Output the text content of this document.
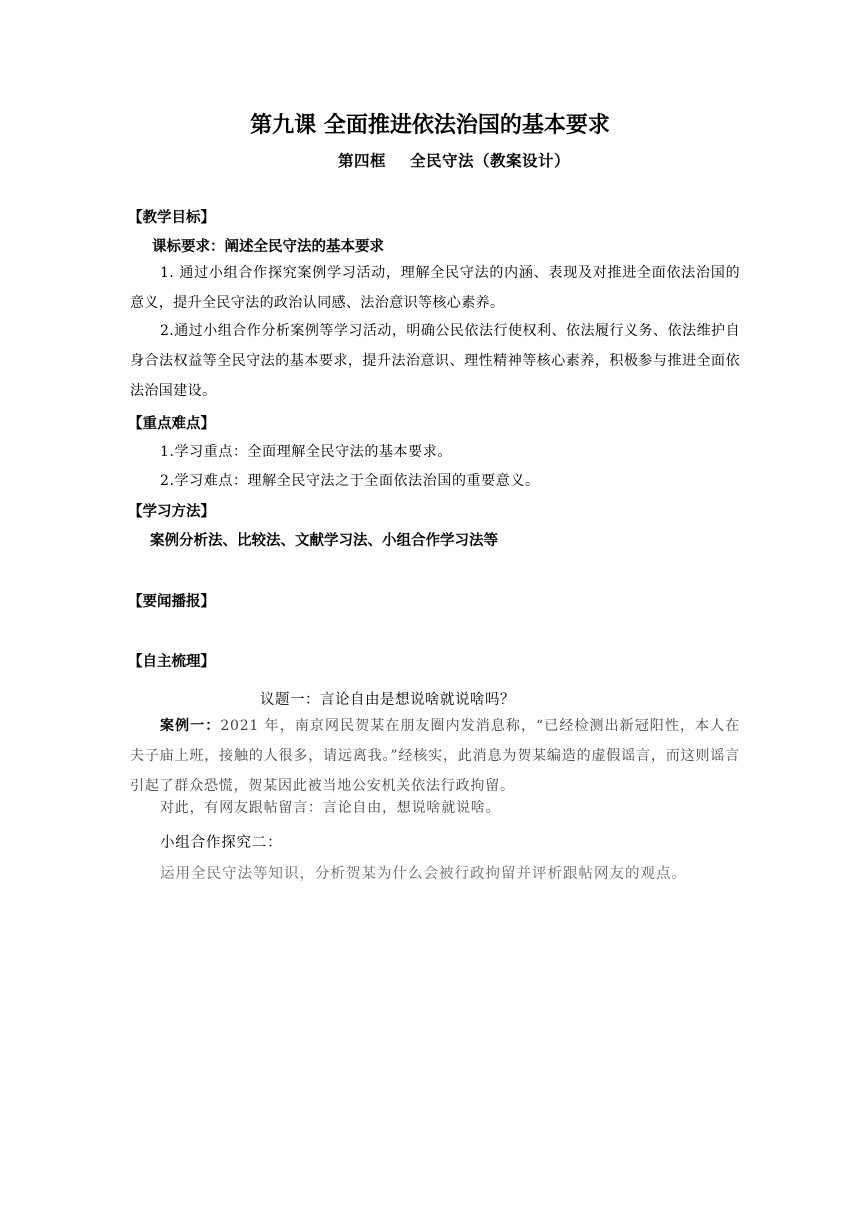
第九课 全面推进依法治国的基本要求
第四框 全民守法（教案设计）
【教学目标】
课标要求：阐述全民守法的基本要求
1. 通过小组合作探究案例学习活动，理解全民守法的内涵、表现及对推进全面依法治国的意义，提升全民守法的政治认同感、法治意识等核心素养。
2.通过小组合作分析案例等学习活动，明确公民依法行使权利、依法履行义务、依法维护自身合法权益等全民守法的基本要求，提升法治意识、理性精神等核心素养，积极参与推进全面依法治国建设。
【重点难点】
1.学习重点：全面理解全民守法的基本要求。
2.学习难点：理解全民守法之于全面依法治国的重要意义。
【学习方法】
案例分析法、比较法、文献学习法、小组合作学习法等
【要闻播报】
【自主梳理】
议题一：言论自由是想说啥就说啥吗？
案例一：2021 年，南京网民贺某在朋友圈内发消息称，“已经检测出新冠阳性，本人在夫子庙上班，接触的人很多，请远离我。”经核实，此消息为贺某编造的虚假谣言，而这则谣言引起了群众恐慌，贺某因此被当地公安机关依法行政拘留。
对此，有网友跟帖留言：言论自由，想说啥就说啥。
小组合作探究二：
运用全民守法等知识，分析贺某为什么会被行政拘留并评析跟帖网友的观点。
